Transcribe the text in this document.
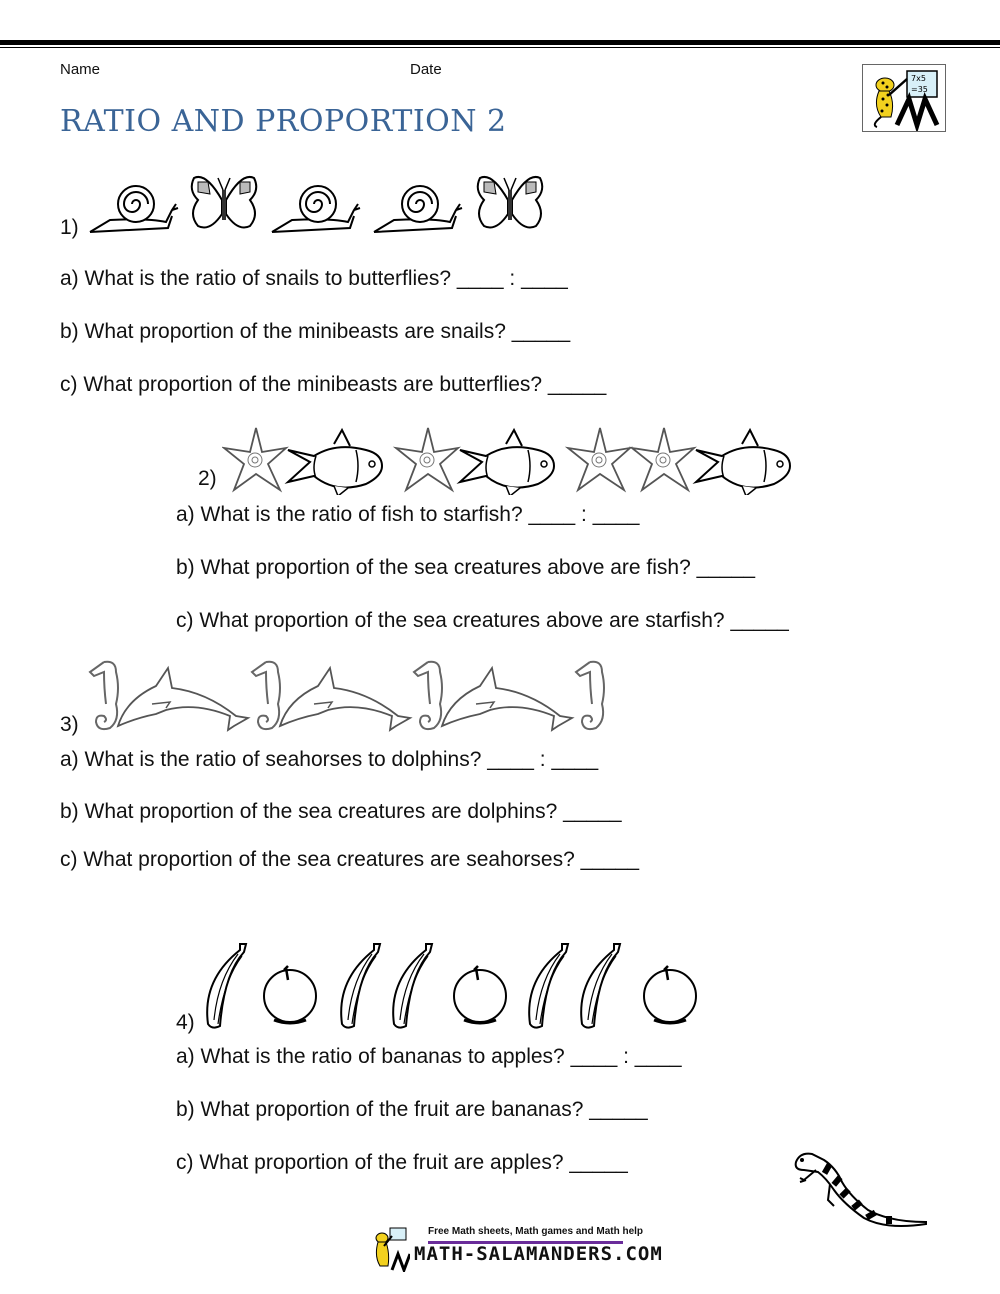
Name	Date
RATIO AND PROPORTION 2
7x5
=35
1)
a) What is the ratio of snails to butterflies? ____ : ____
b) What proportion of the minibeasts are snails? _____
c) What proportion of the minibeasts are butterflies? _____
2)
a) What is the ratio of fish to starfish? ____ : ____
b) What proportion of the sea creatures above are fish? _____
c) What proportion of the sea creatures above are starfish? _____
3)
a) What is the ratio of seahorses to dolphins? ____ : ____
b) What proportion of the sea creatures are dolphins? _____
c) What proportion of the sea creatures are seahorses? _____
4)
a) What is the ratio of bananas to apples? ____ : ____
b) What proportion of the fruit are bananas? _____
c) What proportion of the fruit are apples? _____
Free Math sheets, Math games and Math help
MATH-SALAMANDERS.COM
